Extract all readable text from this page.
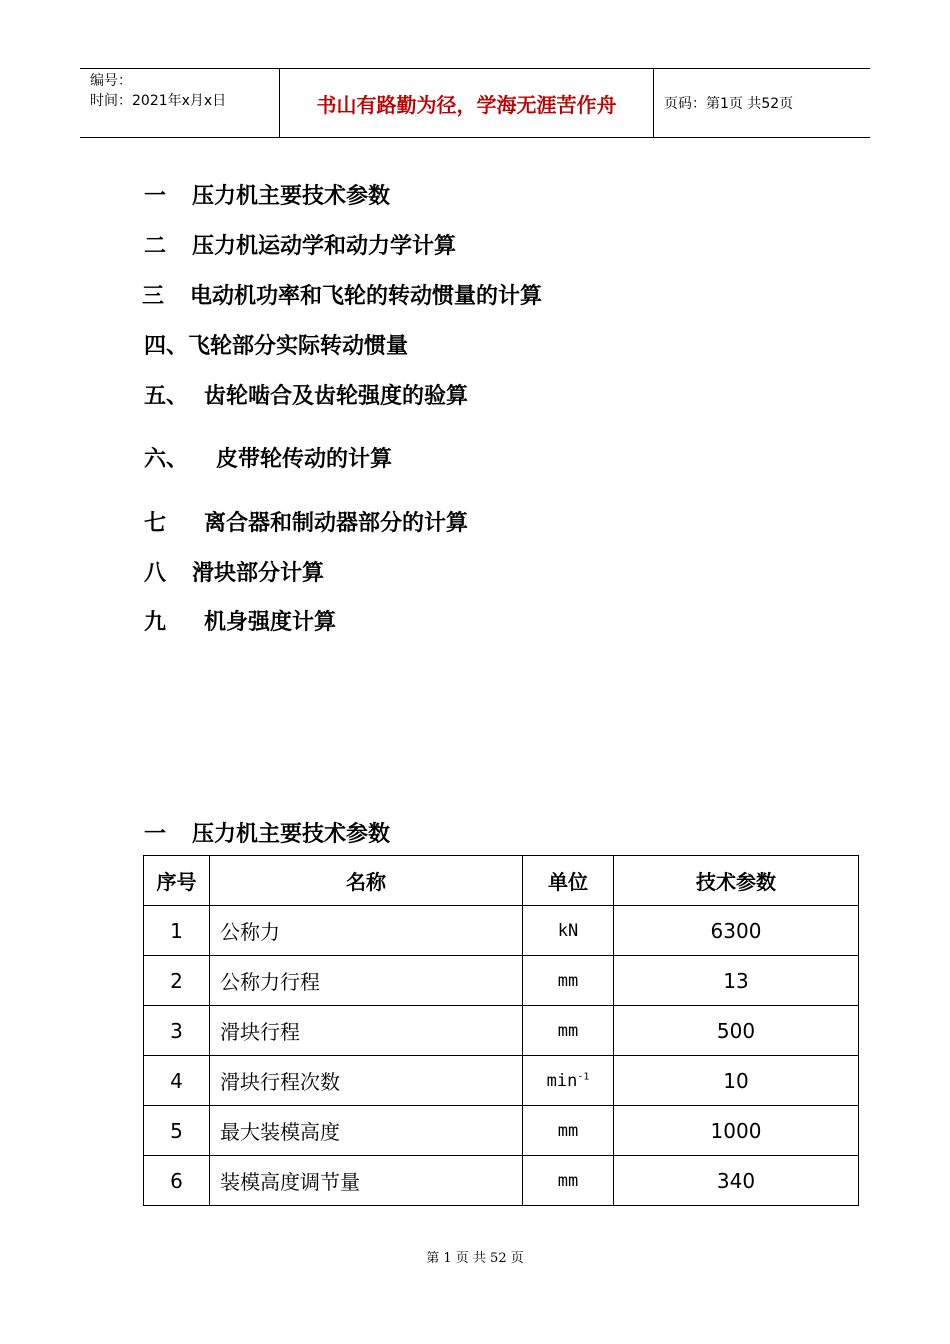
编号：
时间：2021年x月x日	书山有路勤为径，学海无涯苦作舟	页码：第1页 共52页
一	压力机主要技术参数
二	压力机运动学和动力学计算
三	电动机功率和飞轮的转动惯量的计算
四、 飞轮部分实际转动惯量
五、 齿轮啮合及齿轮强度的验算
六、	皮带轮传动的计算
七	离合器和制动器部分的计算
八	滑块部分计算
九	机身强度计算
一 压力机主要技术参数
序号	名称	单位	技术参数
1	公称力	kN	6300
2	公称力行程	mm	13
3	滑块行程	mm	500
4	滑块行程次数	$\min^{-1}$	10
5	最大装模高度	mm	1000
6	装模高度调节量	mm	340
第 1 页 共 52 页
